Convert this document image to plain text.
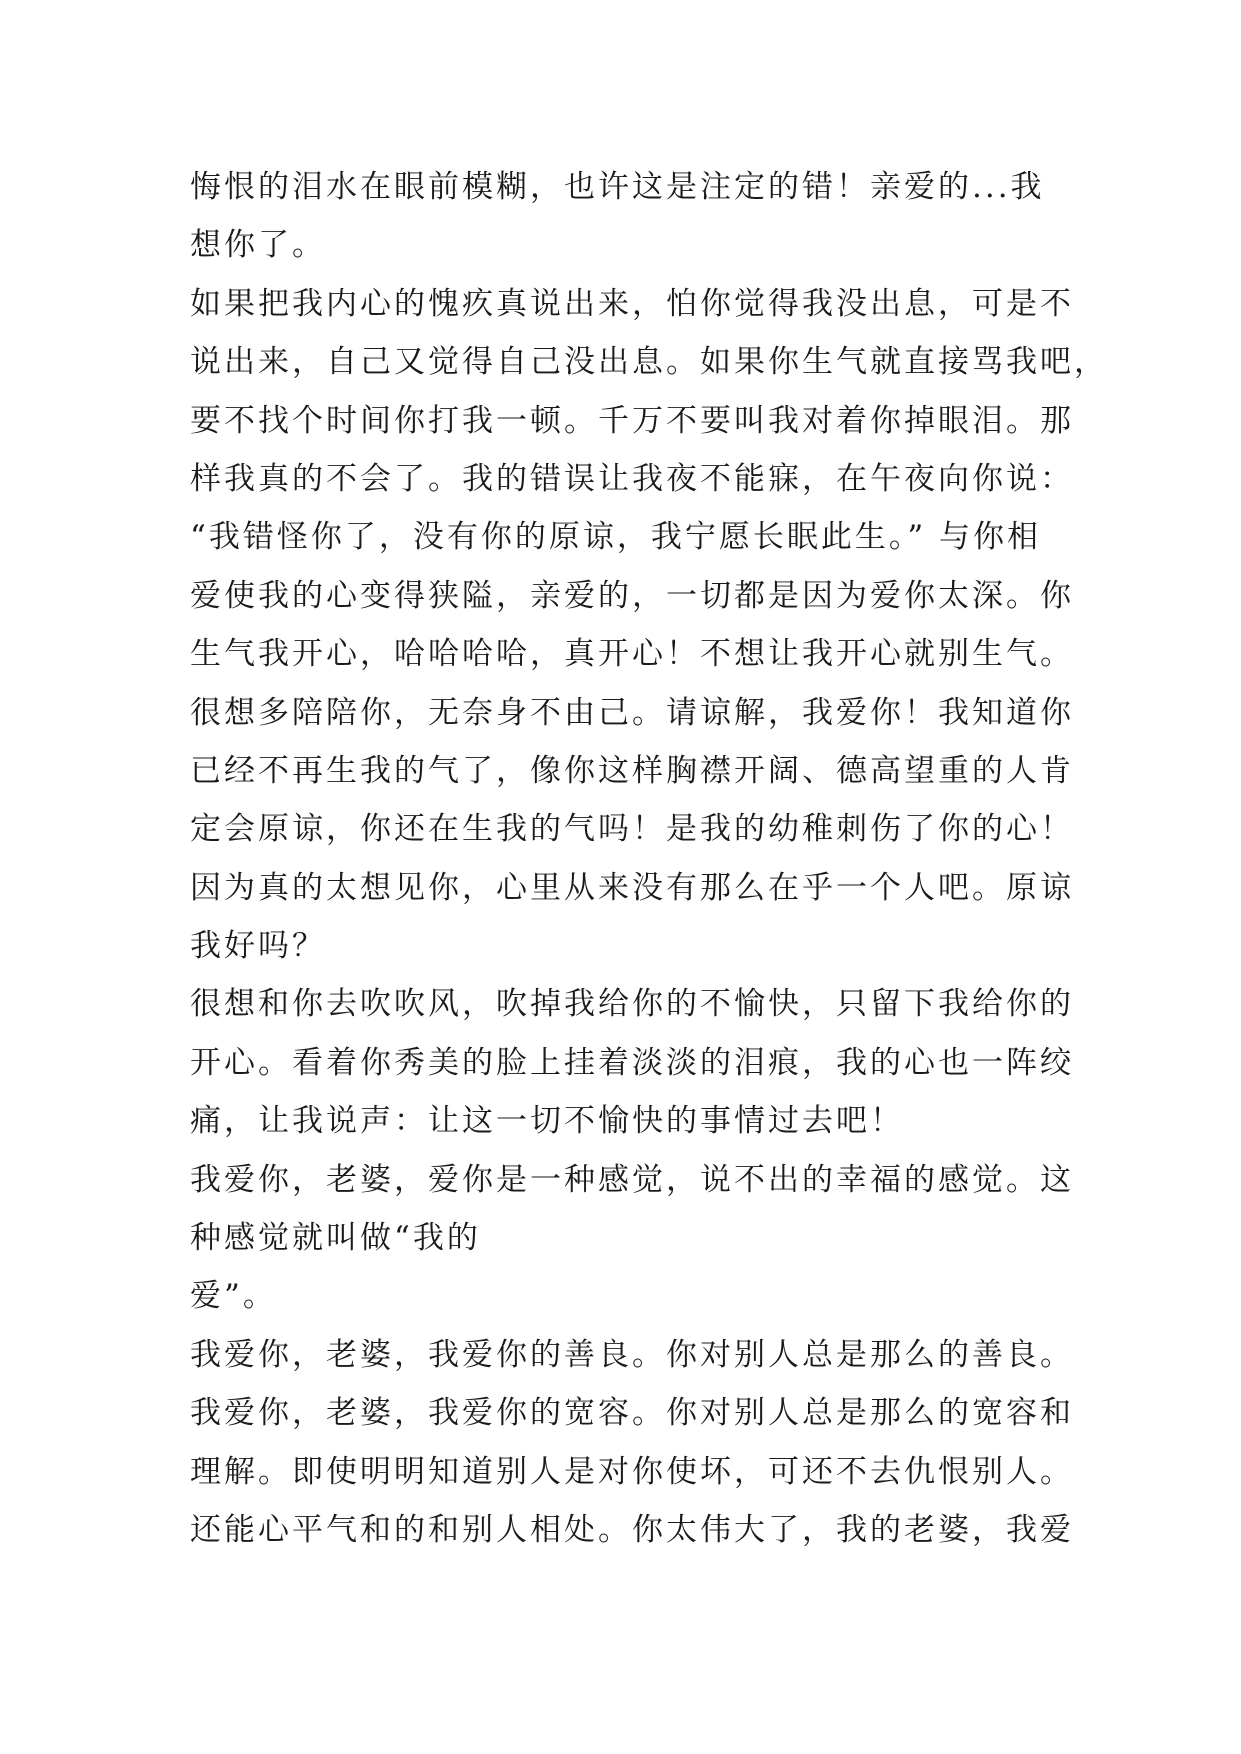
悔恨的泪水在眼前模糊，也许这是注定的错！亲爱的...我
想你了。
如果把我内心的愧疚真说出来，怕你觉得我没出息，可是不
说出来，自己又觉得自己没出息。如果你生气就直接骂我吧，
要不找个时间你打我一顿。千万不要叫我对着你掉眼泪。那
样我真的不会了。我的错误让我夜不能寐，在午夜向你说：
“我错怪你了，没有你的原谅，我宁愿长眠此生。” 与你相
爱使我的心变得狭隘，亲爱的，一切都是因为爱你太深。你
生气我开心，哈哈哈哈，真开心！不想让我开心就别生气。
很想多陪陪你，无奈身不由己。请谅解，我爱你！我知道你
已经不再生我的气了，像你这样胸襟开阔、德高望重的人肯
定会原谅，你还在生我的气吗！是我的幼稚刺伤了你的心！
因为真的太想见你，心里从来没有那么在乎一个人吧。原谅
我好吗？
很想和你去吹吹风，吹掉我给你的不愉快，只留下我给你的
开心。看着你秀美的脸上挂着淡淡的泪痕，我的心也一阵绞
痛，让我说声：让这一切不愉快的事情过去吧！
我爱你，老婆，爱你是一种感觉，说不出的幸福的感觉。这
种感觉就叫做“我的
爱”。
我爱你，老婆，我爱你的善良。你对别人总是那么的善良。
我爱你，老婆，我爱你的宽容。你对别人总是那么的宽容和
理解。即使明明知道别人是对你使坏，可还不去仇恨别人。
还能心平气和的和别人相处。你太伟大了，我的老婆，我爱
